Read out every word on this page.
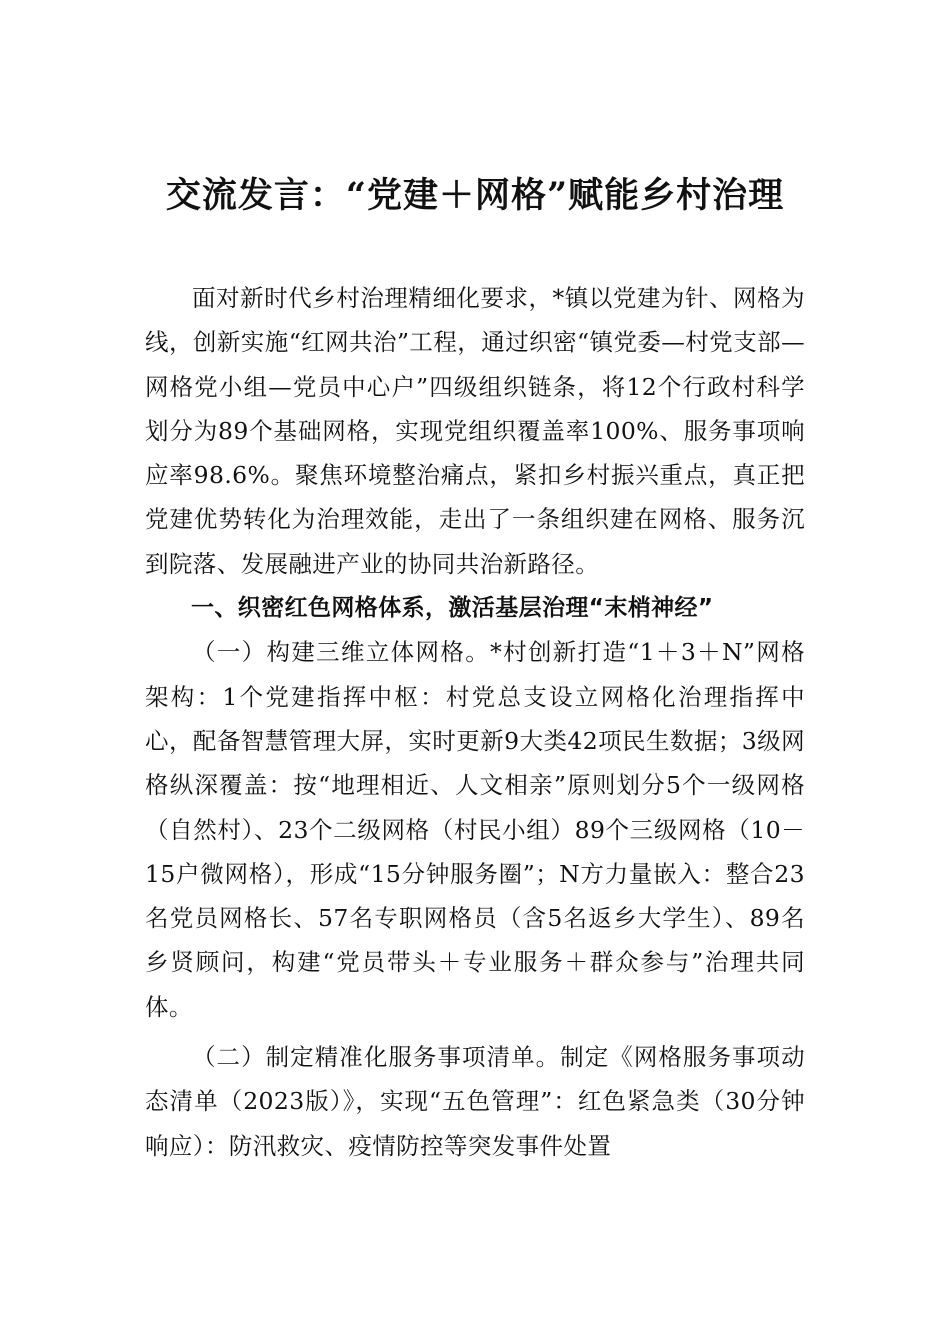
交流发言：“党建＋网格”赋能乡村治理

面对新时代乡村治理精细化要求，*镇以党建为针、网格为线，创新实施“红网共治”工程，通过织密“镇党委—村党支部—网格党小组—党员中心户”四级组织链条，将12个行政村科学划分为89个基础网格，实现党组织覆盖率100%、服务事项响应率98.6%。聚焦环境整治痛点，紧扣乡村振兴重点，真正把党建优势转化为治理效能，走出了一条组织建在网格、服务沉到院落、发展融进产业的协同共治新路径。

一、织密红色网格体系，激活基层治理“末梢神经”

（一）构建三维立体网格。*村创新打造“1＋3＋N”网格架构：1个党建指挥中枢：村党总支设立网格化治理指挥中心，配备智慧管理大屏，实时更新9大类42项民生数据；3级网格纵深覆盖：按“地理相近、人文相亲”原则划分5个一级网格（自然村）、23个二级网格（村民小组）89个三级网格（10－15户微网格），形成“15分钟服务圈”；N方力量嵌入：整合23名党员网格长、57名专职网格员（含5名返乡大学生）、89名乡贤顾问，构建“党员带头＋专业服务＋群众参与”治理共同体。

（二）制定精准化服务事项清单。制定《网格服务事项动态清单（2023版）》，实现“五色管理”：红色紧急类（30分钟响应）：防汛救灾、疫情防控等突发事件处置
